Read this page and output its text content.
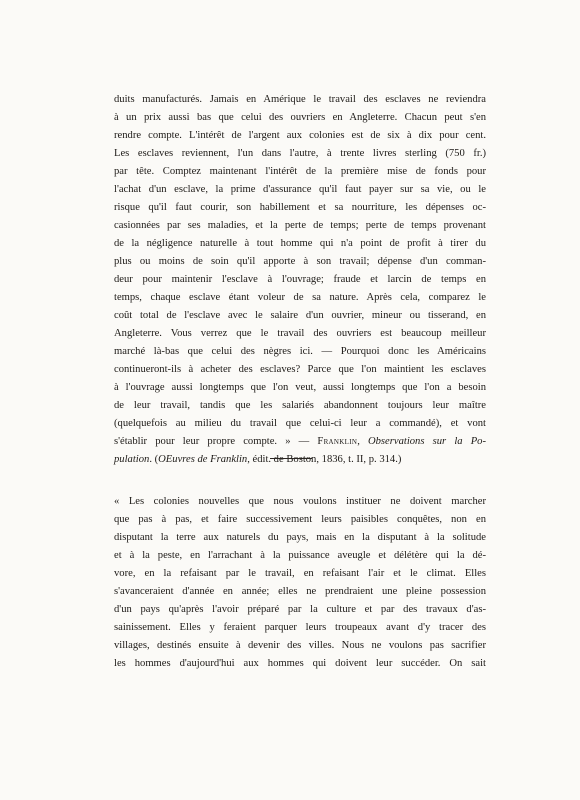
duits manufacturés. Jamais en Amérique le travail des esclaves ne reviendra
à un prix aussi bas que celui des ouvriers en Angleterre. Chacun peut s'en
rendre compte. L'intérêt de l'argent aux colonies est de six à dix pour cent.
Les esclaves reviennent, l'un dans l'autre, à trente livres sterling (750 fr.)
par tête. Comptez maintenant l'intérêt de la première mise de fonds pour
l'achat d'un esclave, la prime d'assurance qu'il faut payer sur sa vie, ou le
risque qu'il faut courir, son habillement et sa nourriture, les dépenses oc-
casionnées par ses maladies, et la perte de temps; perte de temps provenant
de la négligence naturelle à tout homme qui n'a point de profit à tirer du
plus ou moins de soin qu'il apporte à son travail; dépense d'un comman-
deur pour maintenir l'esclave à l'ouvrage; fraude et larcin de temps en
temps, chaque esclave étant voleur de sa nature. Après cela, comparez le
coût total de l'esclave avec le salaire d'un ouvrier, mineur ou tisserand, en
Angleterre. Vous verrez que le travail des ouvriers est beaucoup meilleur
marché là-bas que celui des nègres ici. — Pourquoi donc les Américains
continueront-ils à acheter des esclaves? Parce que l'on maintient les esclaves
à l'ouvrage aussi longtemps que l'on veut, aussi longtemps que l'on a besoin
de leur travail, tandis que les salariés abandonnent toujours leur maître
(quelquefois au milieu du travail que celui-ci leur a commandé), et vont
s'établir pour leur propre compte. » — Franklin, Observations sur la Po-
pulation. (OEuvres de Franklin, édit. de Boston, 1836, t. II, p. 314.)
« Les colonies nouvelles que nous voulons instituer ne doivent marcher
que pas à pas, et faire successivement leurs paisibles conquêtes, non en
disputant la terre aux naturels du pays, mais en la disputant à la solitude
et à la peste, en l'arrachant à la puissance aveugle et délétère qui la dé-
vore, en la refaisant par le travail, en refaisant l'air et le climat. Elles
s'avanceraient d'année en année; elles ne prendraient une pleine possession
d'un pays qu'après l'avoir préparé par la culture et par des travaux d'as-
sainissement. Elles y feraient parquer leurs troupeaux avant d'y tracer des
villages, destinés ensuite à devenir des villes. Nous ne voulons pas sacrifier
les hommes d'aujourd'hui aux hommes qui doivent leur succéder. On sait
